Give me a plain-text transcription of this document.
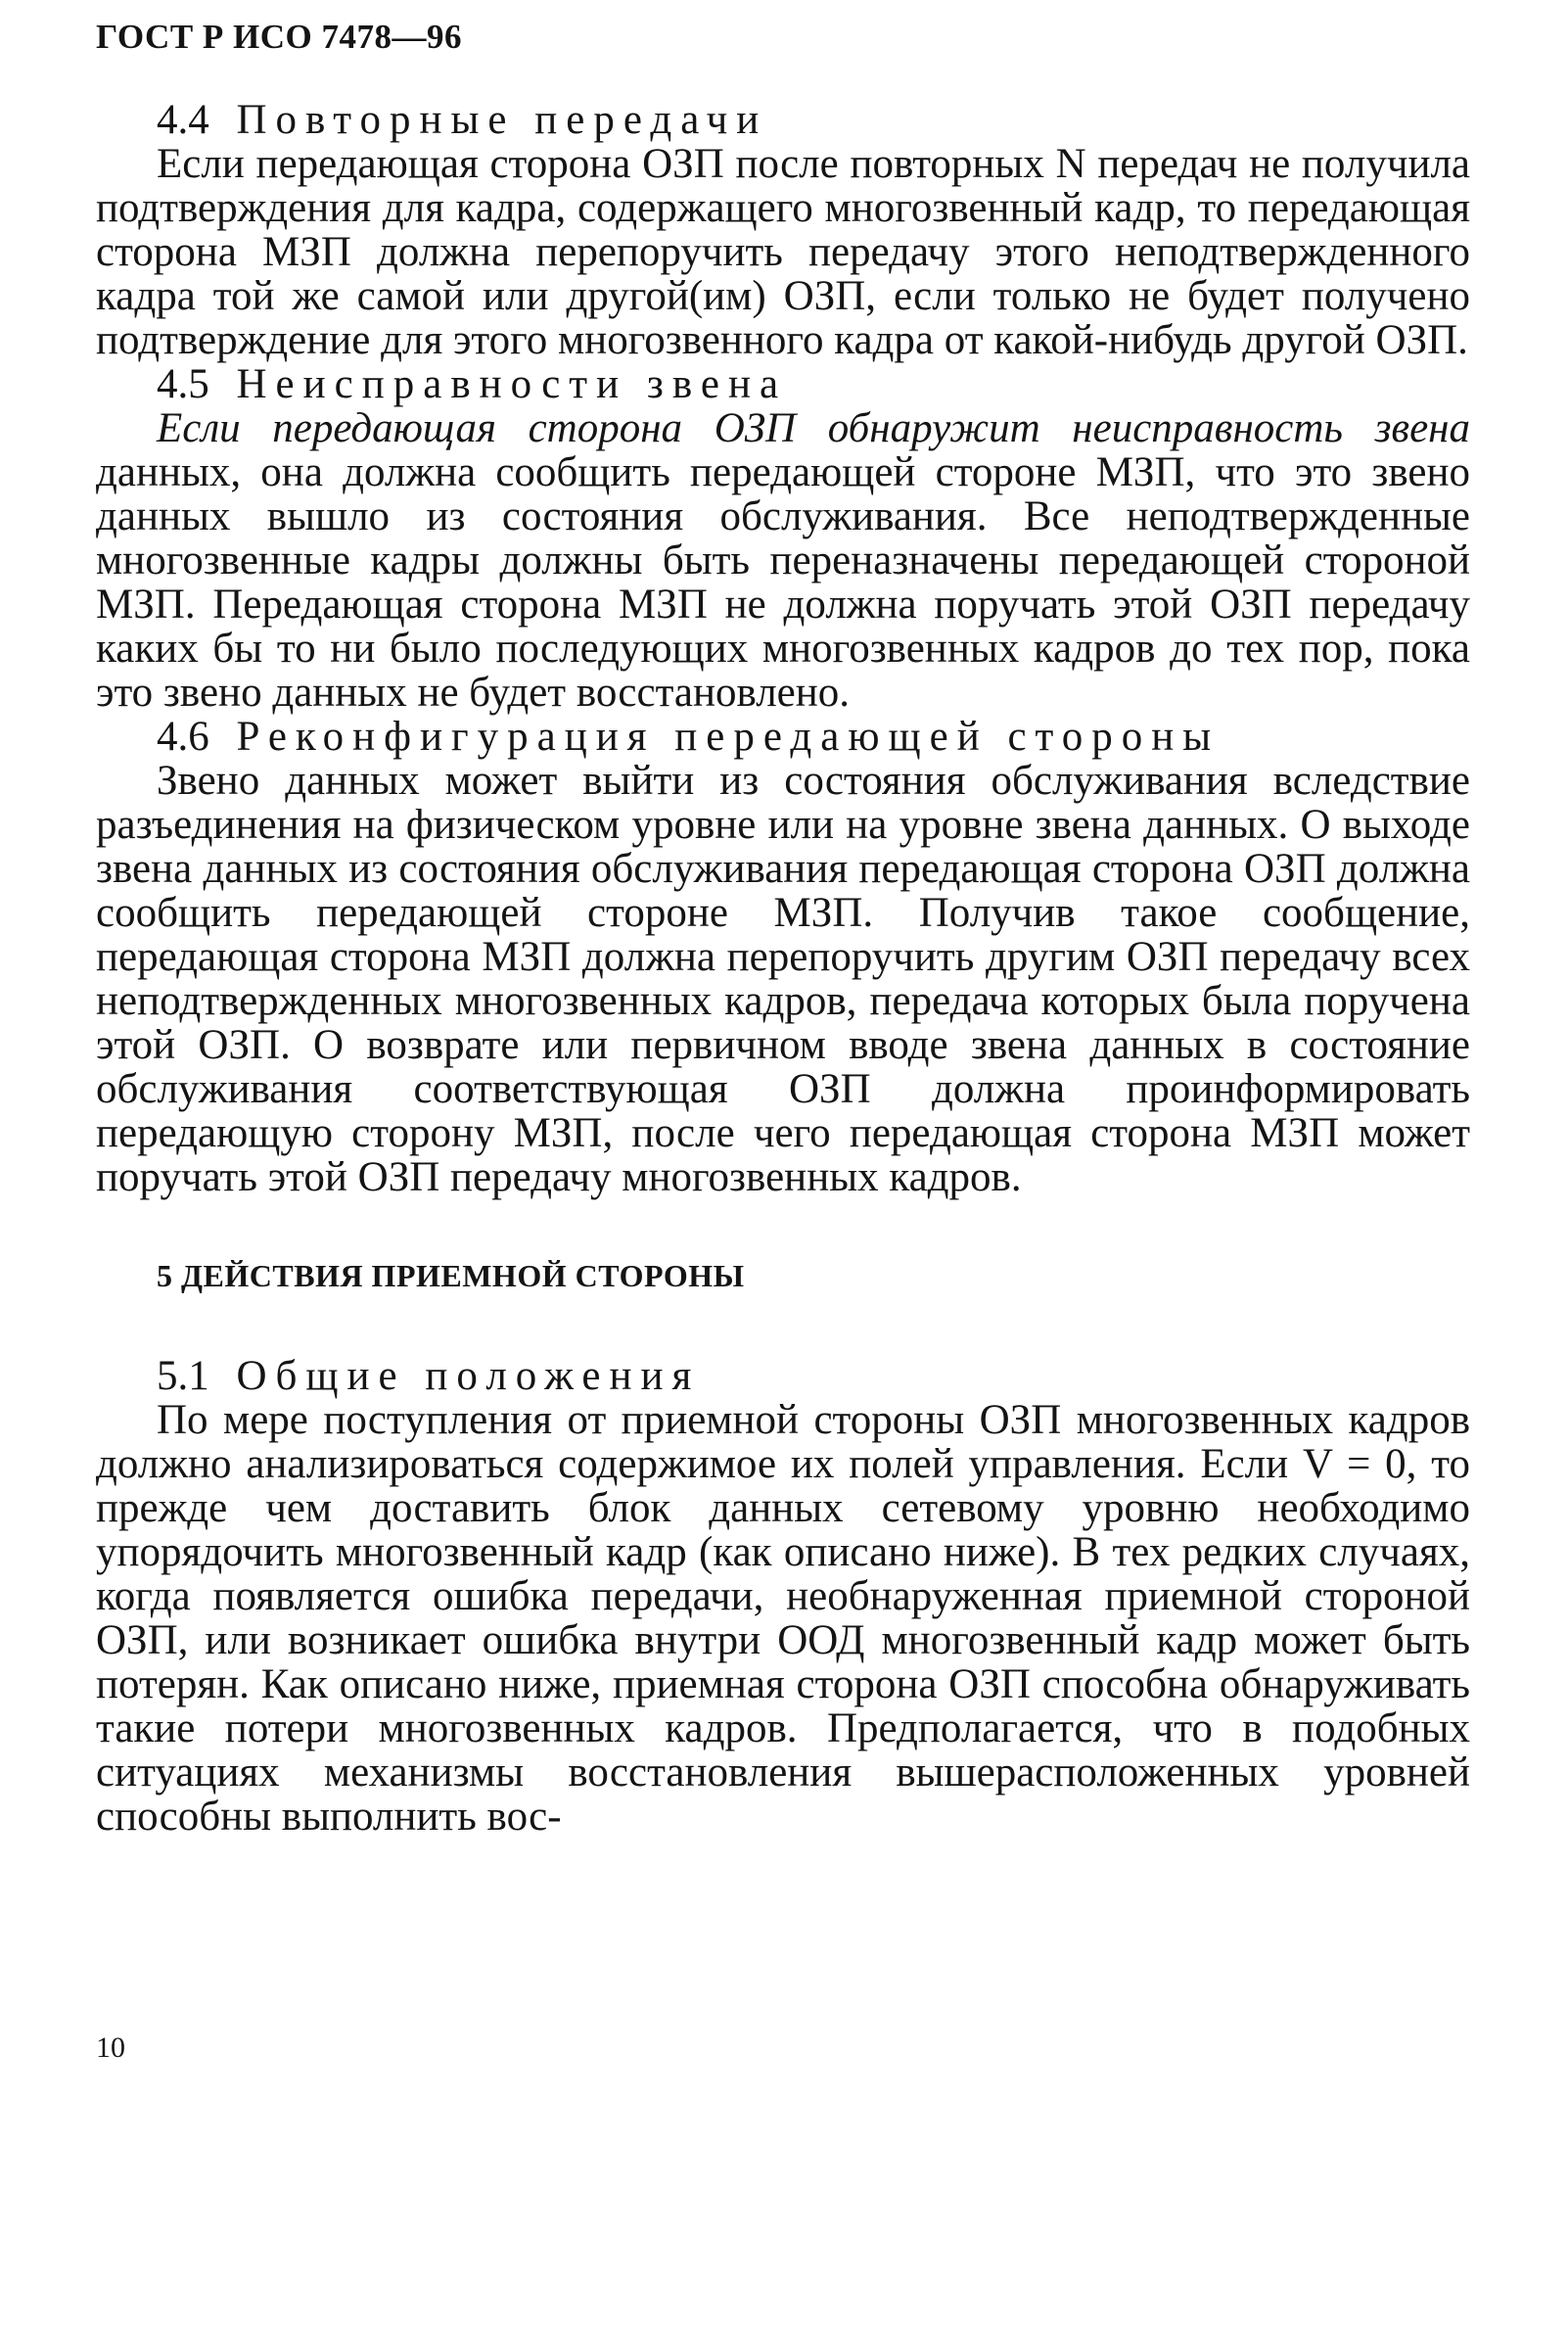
ГОСТ Р ИСО 7478—96

4.4 Повторные передачи

Если передающая сторона ОЗП после повторных N передач не получила подтверждения для кадра, содержащего многозвенный кадр, то передающая сторона МЗП должна перепоручить передачу этого неподтвержденного кадра той же самой или другой(им) ОЗП, если только не будет получено подтверждение для этого многозвенного кадра от какой-нибудь другой ОЗП.

4.5 Неисправности звена

Если передающая сторона ОЗП обнаружит неисправность звена данных, она должна сообщить передающей стороне МЗП, что это звено данных вышло из состояния обслуживания. Все неподтвержденные многозвенные кадры должны быть переназначены передающей стороной МЗП. Передающая сторона МЗП не должна поручать этой ОЗП передачу каких бы то ни было последующих многозвенных кадров до тех пор, пока это звено данных не будет восстановлено.

4.6 Реконфигурация передающей стороны

Звено данных может выйти из состояния обслуживания вследствие разъединения на физическом уровне или на уровне звена данных. О выходе звена данных из состояния обслуживания передающая сторона ОЗП должна сообщить передающей стороне МЗП. Получив такое сообщение, передающая сторона МЗП должна перепоручить другим ОЗП передачу всех неподтвержденных многозвенных кадров, передача которых была поручена этой ОЗП. О возврате или первичном вводе звена данных в состояние обслуживания соответствующая ОЗП должна проинформировать передающую сторону МЗП, после чего передающая сторона МЗП может поручать этой ОЗП передачу многозвенных кадров.

5 ДЕЙСТВИЯ ПРИЕМНОЙ СТОРОНЫ

5.1 Общие положения

По мере поступления от приемной стороны ОЗП многозвенных кадров должно анализироваться содержимое их полей управления. Если V = 0, то прежде чем доставить блок данных сетевому уровню необходимо упорядочить многозвенный кадр (как описано ниже). В тех редких случаях, когда появляется ошибка передачи, необнаруженная приемной стороной ОЗП, или возникает ошибка внутри ООД многозвенный кадр может быть потерян. Как описано ниже, приемная сторона ОЗП способна обнаруживать такие потери многозвенных кадров. Предполагается, что в подобных ситуациях механизмы восстановления вышерасположенных уровней способны выполнить вос-

10
